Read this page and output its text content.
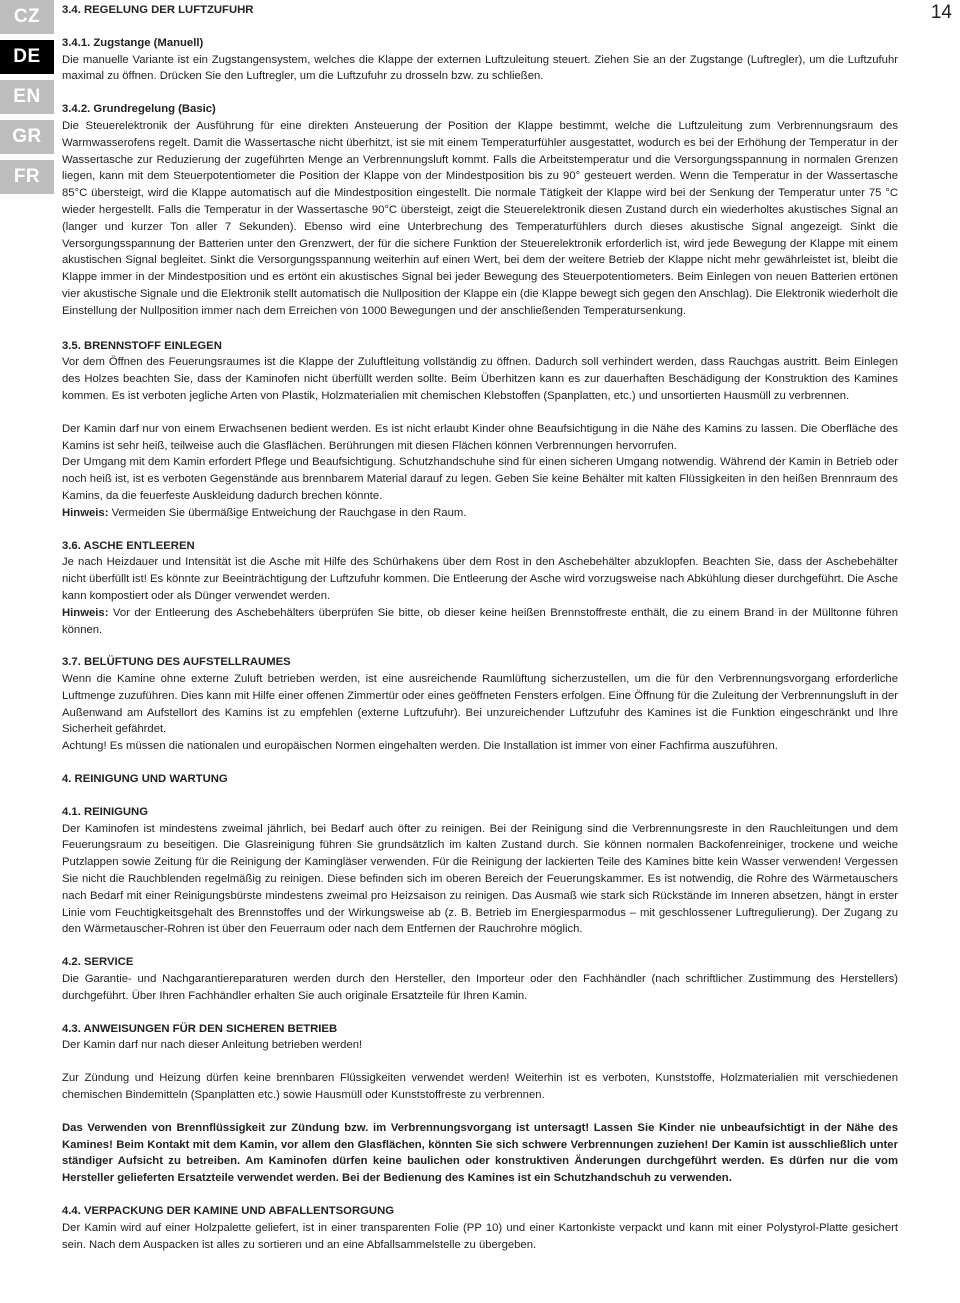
CZ
DE
EN
GR
FR
14

3.4. REGELUNG DER LUFTZUFUHR

3.4.1. Zugstange (Manuell)

Die manuelle Variante ist ein Zugstangensystem, welches die Klappe der externen Luftzuleitung steuert. Ziehen Sie an der Zugstange (Luftregler), um die Luftzufuhr maximal zu öffnen. Drücken Sie den Luftregler, um die Luftzufuhr zu drosseln bzw. zu schließen.

3.4.2. Grundregelung (Basic)

Die Steuerelektronik der Ausführung für eine direkten Ansteuerung der Position der Klappe bestimmt, welche die Luftzuleitung zum Verbrennungsraum des Warmwasserofens regelt. Damit die Wassertasche nicht überhitzt, ist sie mit einem Temperaturfühler ausgestattet, wodurch es bei der Erhöhung der Temperatur in der Wassertasche zur Reduzierung der zugeführten Menge an Verbrennungsluft kommt. Falls die Arbeitstemperatur und die Versorgungsspannung in normalen Grenzen liegen, kann mit dem Steuerpotentiometer die Position der Klappe von der Mindestposition bis zu 90° gesteuert werden. Wenn die Temperatur in der Wassertasche 85°C übersteigt, wird die Klappe automatisch auf die Mindestposition eingestellt. Die normale Tätigkeit der Klappe wird bei der Senkung der Temperatur unter 75 °C wieder hergestellt. Falls die Temperatur in der Wassertasche 90°C übersteigt, zeigt die Steuerelektronik diesen Zustand durch ein wiederholtes akustisches Signal an (langer und kurzer Ton aller 7 Sekunden). Ebenso wird eine Unterbrechung des Temperaturfühlers durch dieses akustische Signal angezeigt. Sinkt die Versorgungsspannung der Batterien unter den Grenzwert, der für die sichere Funktion der Steuerelektronik erforderlich ist, wird jede Bewegung der Klappe mit einem akustischen Signal begleitet. Sinkt die Versorgungsspannung weiterhin auf einen Wert, bei dem der weitere Betrieb der Klappe nicht mehr gewährleistet ist, bleibt die Klappe immer in der Mindestposition und es ertönt ein akustisches Signal bei jeder Bewegung des Steuerpotentiometers. Beim Einlegen von neuen Batterien ertönen vier akustische Signale und die Elektronik stellt automatisch die Nullposition der Klappe ein (die Klappe bewegt sich gegen den Anschlag). Die Elektronik wiederholt die Einstellung der Nullposition immer nach dem Erreichen von 1000 Bewegungen und der anschließenden Temperatursenkung.

3.5. BRENNSTOFF EINLEGEN

Vor dem Öffnen des Feuerungsraumes ist die Klappe der Zuluftleitung vollständig zu öffnen. Dadurch soll verhindert werden, dass Rauchgas austritt. Beim Einlegen des Holzes beachten Sie, dass der Kaminofen nicht überfüllt werden sollte. Beim Überhitzen kann es zur dauerhaften Beschädigung der Konstruktion des Kamines kommen. Es ist verboten jegliche Arten von Plastik, Holzmaterialien mit chemischen Klebstoffen (Spanplatten, etc.) und unsortierten Hausmüll zu verbrennen.

Der Kamin darf nur von einem Erwachsenen bedient werden. Es ist nicht erlaubt Kinder ohne Beaufsichtigung in die Nähe des Kamins zu lassen. Die Oberfläche des Kamins ist sehr heiß, teilweise auch die Glasflächen. Berührungen mit diesen Flächen können Verbrennungen hervorrufen.

Der Umgang mit dem Kamin erfordert Pflege und Beaufsichtigung. Schutzhandschuhe sind für einen sicheren Umgang notwendig. Während der Kamin in Betrieb oder noch heiß ist, ist es verboten Gegenstände aus brennbarem Material darauf zu legen. Geben Sie keine Behälter mit kalten Flüssigkeiten in den heißen Brennraum des Kamins, da die feuerfeste Auskleidung dadurch brechen könnte.

Hinweis: Vermeiden Sie übermäßige Entweichung der Rauchgase in den Raum.

3.6. ASCHE ENTLEEREN

Je nach Heizdauer und Intensität ist die Asche mit Hilfe des Schürhakens über dem Rost in den Aschebehälter abzuklopfen. Beachten Sie, dass der Aschebehälter nicht überfüllt ist! Es könnte zur Beeinträchtigung der Luftzufuhr kommen. Die Entleerung der Asche wird vorzugsweise nach Abkühlung dieser durchgeführt. Die Asche kann kompostiert oder als Dünger verwendet werden.

Hinweis: Vor der Entleerung des Aschebehälters überprüfen Sie bitte, ob dieser keine heißen Brennstoffreste enthält, die zu einem Brand in der Mülltonne führen können.

3.7. BELÜFTUNG DES AUFSTELLRAUMES

Wenn die Kamine ohne externe Zuluft betrieben werden, ist eine ausreichende Raumlüftung sicherzustellen, um die für den Verbrennungsvorgang erforderliche Luftmenge zuzuführen. Dies kann mit Hilfe einer offenen Zimmertür oder eines geöffneten Fensters erfolgen. Eine Öffnung für die Zuleitung der Verbrennungsluft in der Außenwand am Aufstellort des Kamins ist zu empfehlen (externe Luftzufuhr). Bei unzureichender Luftzufuhr des Kamines ist die Funktion eingeschränkt und Ihre Sicherheit gefährdet.

Achtung! Es müssen die nationalen und europäischen Normen eingehalten werden. Die Installation ist immer von einer Fachfirma auszuführen.

4. REINIGUNG UND WARTUNG

4.1. REINIGUNG

Der Kaminofen ist mindestens zweimal jährlich, bei Bedarf auch öfter zu reinigen. Bei der Reinigung sind die Verbrennungsreste in den Rauchleitungen und dem Feuerungsraum zu beseitigen. Die Glasreinigung führen Sie grundsätzlich im kalten Zustand durch. Sie können normalen Backofenreiniger, trockene und weiche Putzlappen sowie Zeitung für die Reinigung der Kamingläser verwenden. Für die Reinigung der lackierten Teile des Kamines bitte kein Wasser verwenden! Vergessen Sie nicht die Rauchblenden regelmäßig zu reinigen. Diese befinden sich im oberen Bereich der Feuerungskammer. Es ist notwendig, die Rohre des Wärmetauschers nach Bedarf mit einer Reinigungsbürste mindestens zweimal pro Heizsaison zu reinigen. Das Ausmaß wie stark sich Rückstände im Inneren absetzen, hängt in erster Linie vom Feuchtigkeitsgehalt des Brennstoffes und der Wirkungsweise ab (z. B. Betrieb im Energiesparmodus – mit geschlossener Luftregulierung). Der Zugang zu den Wärmetauscher-Rohren ist über den Feuerraum oder nach dem Entfernen der Rauchrohre möglich.

4.2. SERVICE

Die Garantie- und Nachgarantiereparaturen werden durch den Hersteller, den Importeur oder den Fachhändler (nach schriftlicher Zustimmung des Herstellers) durchgeführt. Über Ihren Fachhändler erhalten Sie auch originale Ersatzteile für Ihren Kamin.

4.3. ANWEISUNGEN FÜR DEN SICHEREN BETRIEB

Der Kamin darf nur nach dieser Anleitung betrieben werden!

Zur Zündung und Heizung dürfen keine brennbaren Flüssigkeiten verwendet werden! Weiterhin ist es verboten, Kunststoffe, Holzmaterialien mit verschiedenen chemischen Bindemitteln (Spanplatten etc.) sowie Hausmüll oder Kunststoffreste zu verbrennen.

Das Verwenden von Brennflüssigkeit zur Zündung bzw. im Verbrennungsvorgang ist untersagt! Lassen Sie Kinder nie unbeaufsichtigt in der Nähe des Kamines! Beim Kontakt mit dem Kamin, vor allem den Glasflächen, könnten Sie sich schwere Verbrennungen zuziehen! Der Kamin ist ausschließlich unter ständiger Aufsicht zu betreiben. Am Kaminofen dürfen keine baulichen oder konstruktiven Änderungen durchgeführt werden. Es dürfen nur die vom Hersteller gelieferten Ersatzteile verwendet werden. Bei der Bedienung des Kamines ist ein Schutzhandschuh zu verwenden.

4.4. VERPACKUNG DER KAMINE UND ABFALLENTSORGUNG

Der Kamin wird auf einer Holzpalette geliefert, ist in einer transparenten Folie (PP 10) und einer Kartonkiste verpackt und kann mit einer Polystyrol-Platte gesichert sein. Nach dem Auspacken ist alles zu sortieren und an eine Abfallsammelstelle zu übergeben.
